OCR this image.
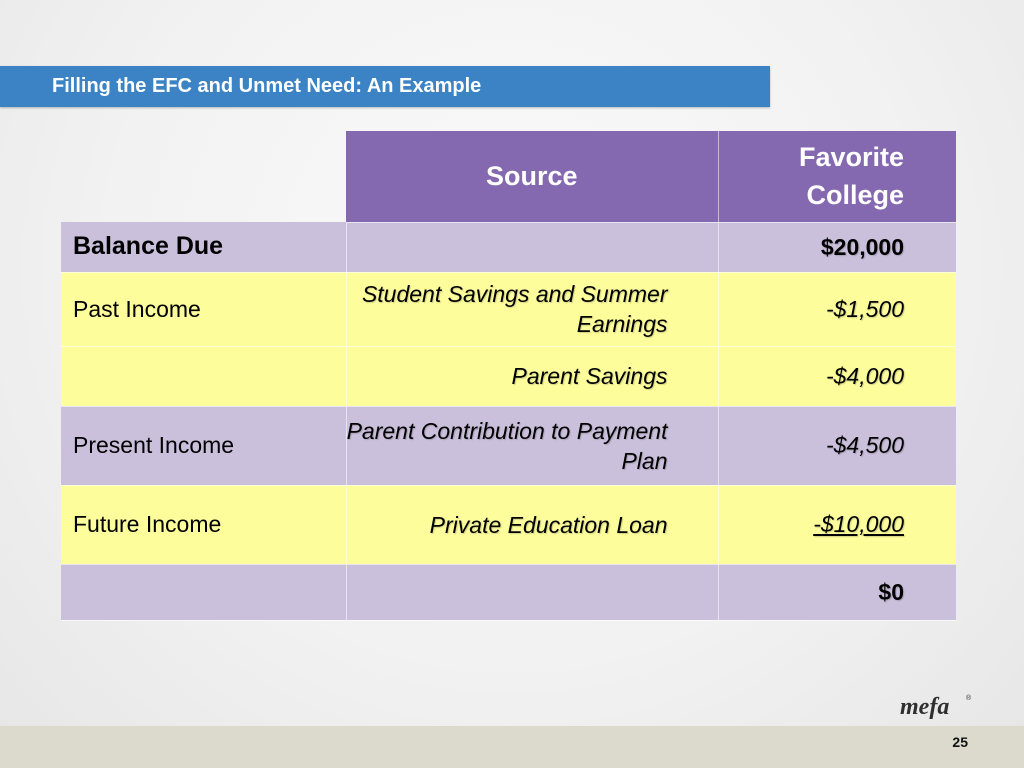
Filling the EFC and Unmet Need: An Example
	Source	Favorite College
Balance Due		$20,000
Past Income	Student Savings and Summer Earnings	-$1,500
	Parent Savings	-$4,000
Present Income	Parent Contribution to Payment Plan	-$4,500
Future Income	Private Education Loan	-$10,000
		$0
mefa ®
25
